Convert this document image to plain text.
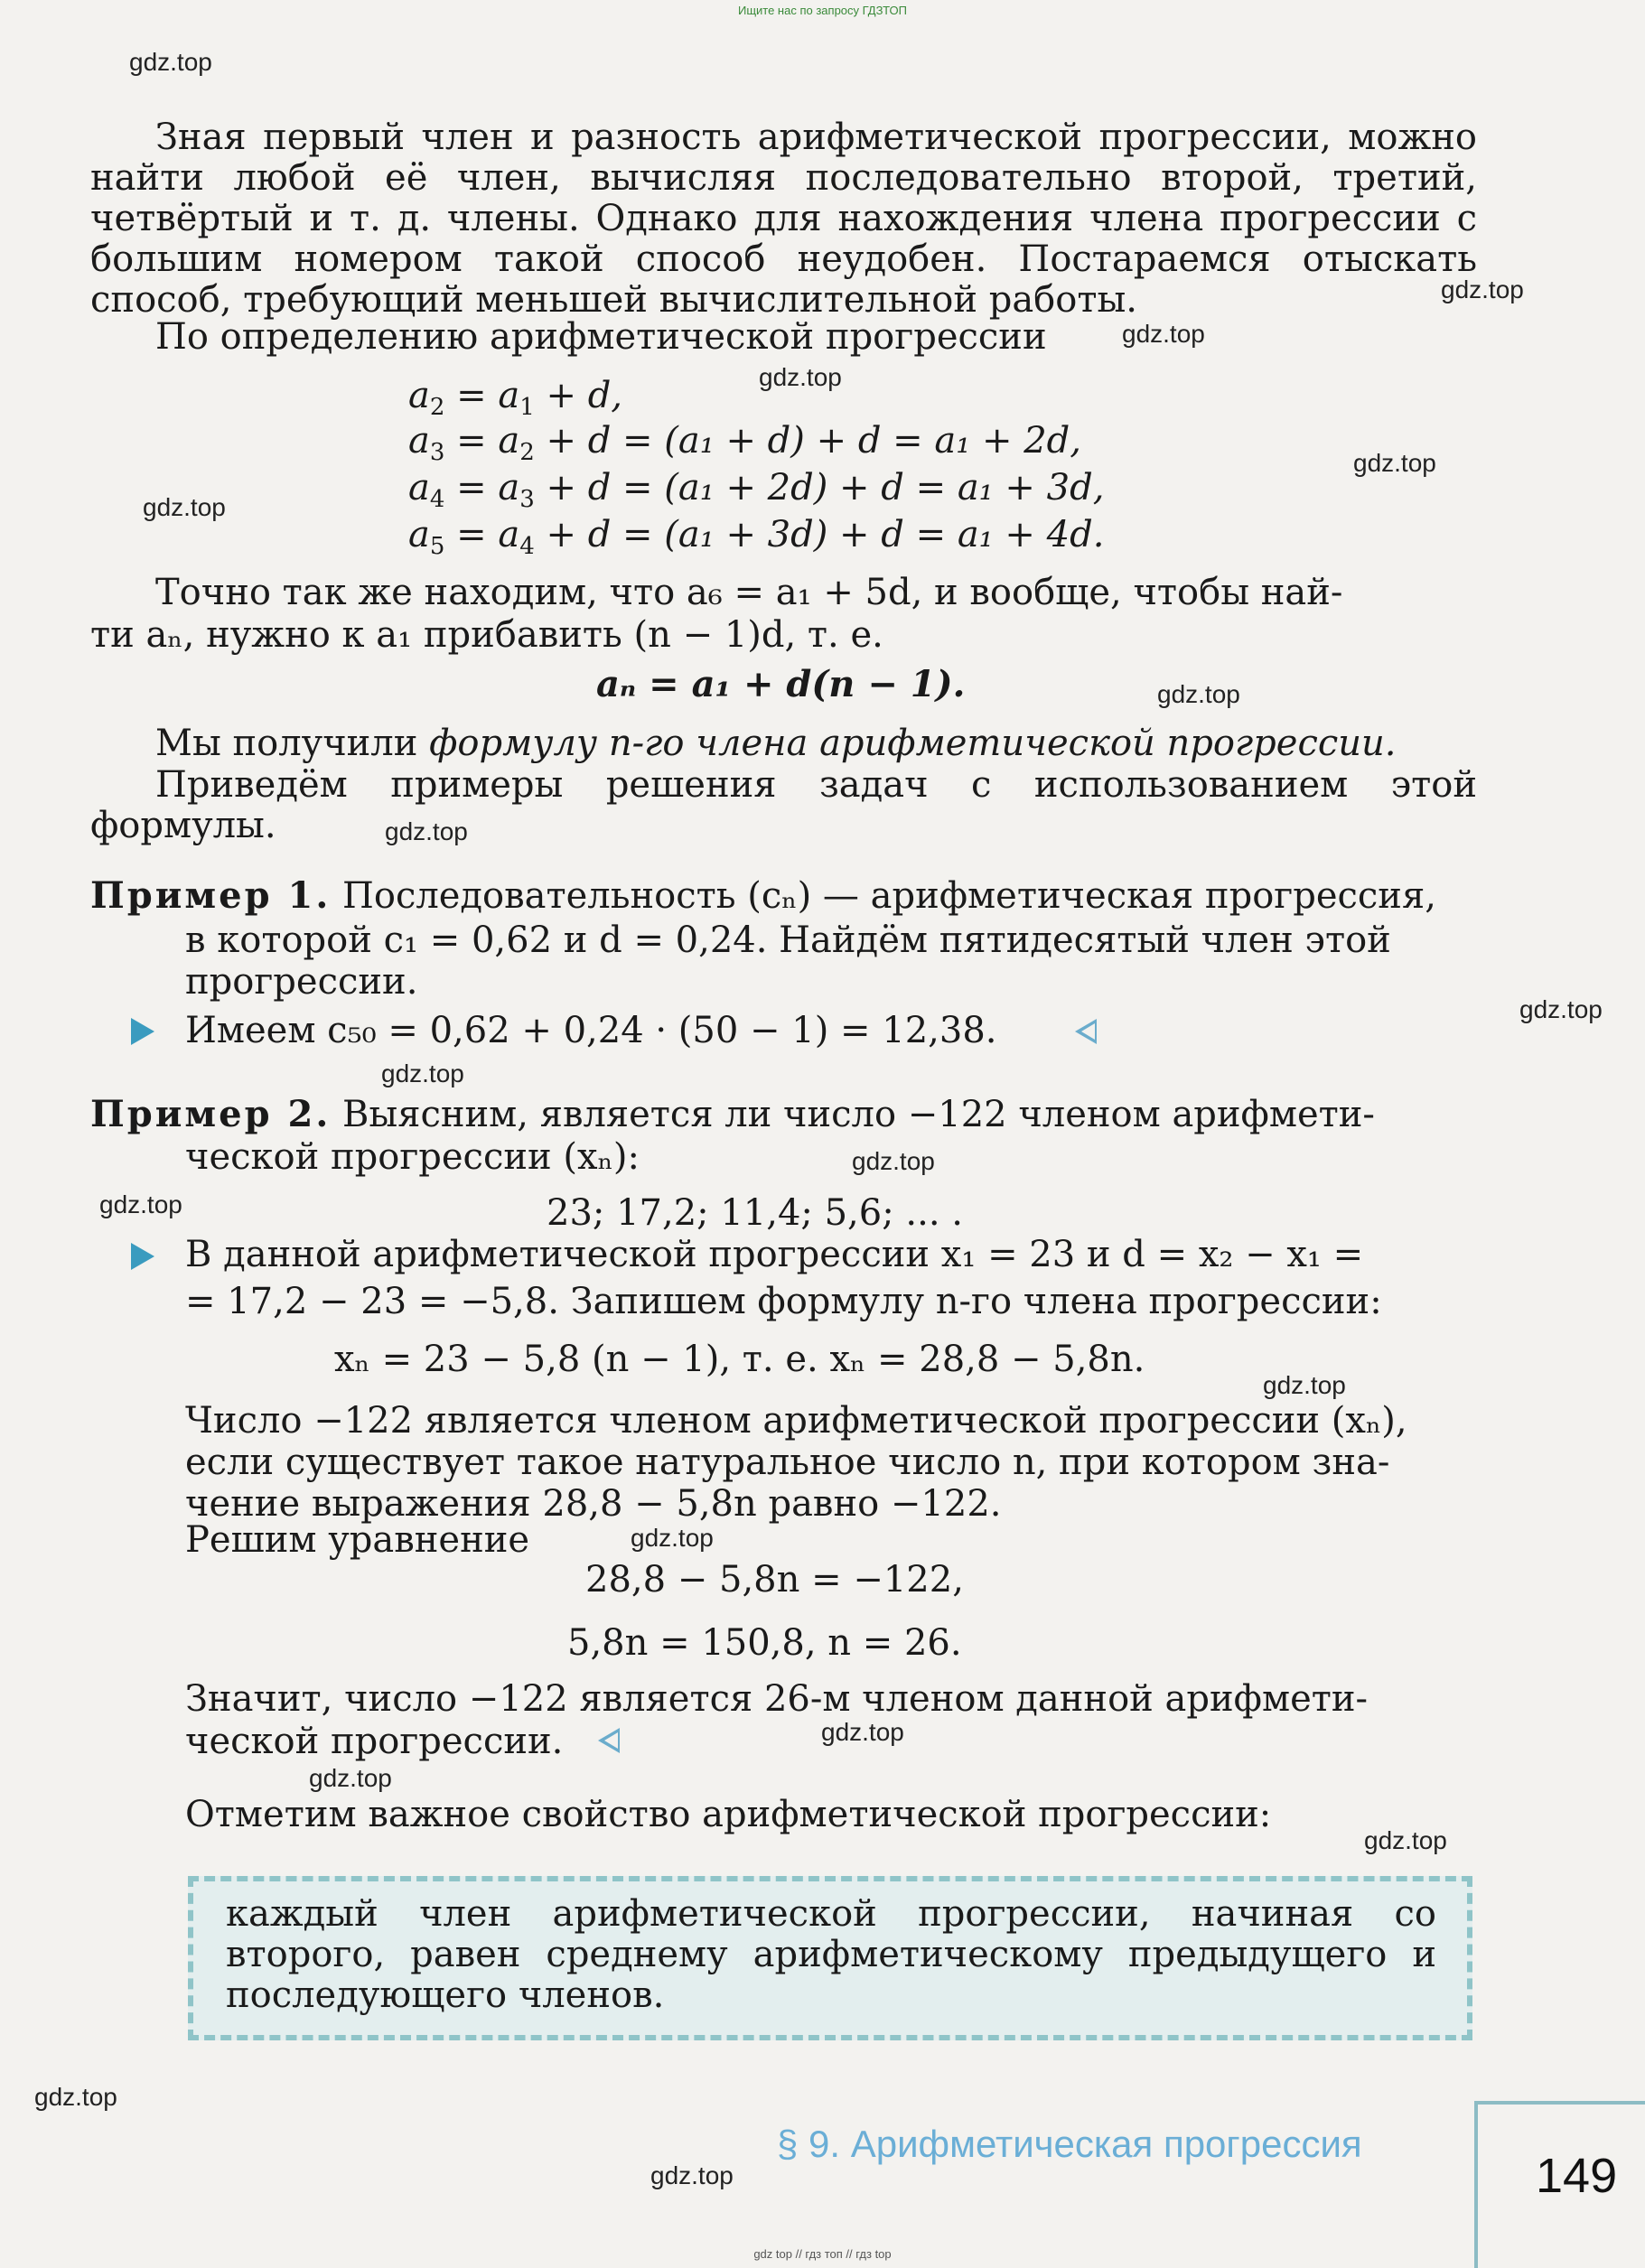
Ищите нас по запросу ГДЗТОП
gdz.top
gdz.top
gdz.top
gdz.top
gdz.top
gdz.top
gdz.top
gdz.top
gdz.top
gdz.top
gdz.top
gdz.top
gdz.top
gdz.top
gdz.top
gdz.top
gdz.top
gdz.top
gdz.top
Зная первый член и разность арифметической прогрессии, можно найти любой её член, вычисляя последовательно второй, третий, четвёртый и т. д. члены. Однако для нахождения члена прогрессии с большим номером такой способ неудобен. Постараемся отыскать способ, требующий меньшей вычислительной работы.
По определению арифметической прогрессии
$a_2 = a_1 + d$,
$a_3 = a_2 + d = (a_1 + d) + d = a_1 + 2d$,
$a_4 = a_3 + d = (a_1 + 2d) + d = a_1 + 3d$,
$a_5 = a_4 + d = (a_1 + 3d) + d = a_1 + 4d$.
Точно так же находим, что a₆ = a₁ + 5d, и вообще, чтобы най-
ти aₙ, нужно к a₁ прибавить (n − 1)d, т. е.
aₙ = a₁ + d(n − 1).
Мы получили формулу n-го члена арифметической прогрессии.
Приведём примеры решения задач с использованием этой формулы.
Пример 1. Последовательность (cₙ) — арифметическая прогрессия,
в которой c₁ = 0,62 и d = 0,24. Найдём пятидесятый член этой
прогрессии.
Имеем c₅₀ = 0,62 + 0,24 · (50 − 1) = 12,38.
Пример 2. Выясним, является ли число −122 членом арифмети-
ческой прогрессии (xₙ):
23; 17,2; 11,4; 5,6; ... .
В данной арифметической прогрессии x₁ = 23 и d = x₂ − x₁ =
= 17,2 − 23 = −5,8. Запишем формулу n-го члена прогрессии:
xₙ = 23 − 5,8 (n − 1), т. е. xₙ = 28,8 − 5,8n.
Число −122 является членом арифметической прогрессии (xₙ),
если существует такое натуральное число n, при котором зна-
чение выражения 28,8 − 5,8n равно −122.
Решим уравнение
28,8 − 5,8n = −122,
5,8n = 150,8, n = 26.
Значит, число −122 является 26-м членом данной арифмети-
ческой прогрессии.
Отметим важное свойство арифметической прогрессии:
каждый член арифметической прогрессии, начиная со второго, равен среднему арифметическому предыдущего и последующего членов.
§ 9. Арифметическая прогрессия
149
gdz top // гдз топ // гдз top
